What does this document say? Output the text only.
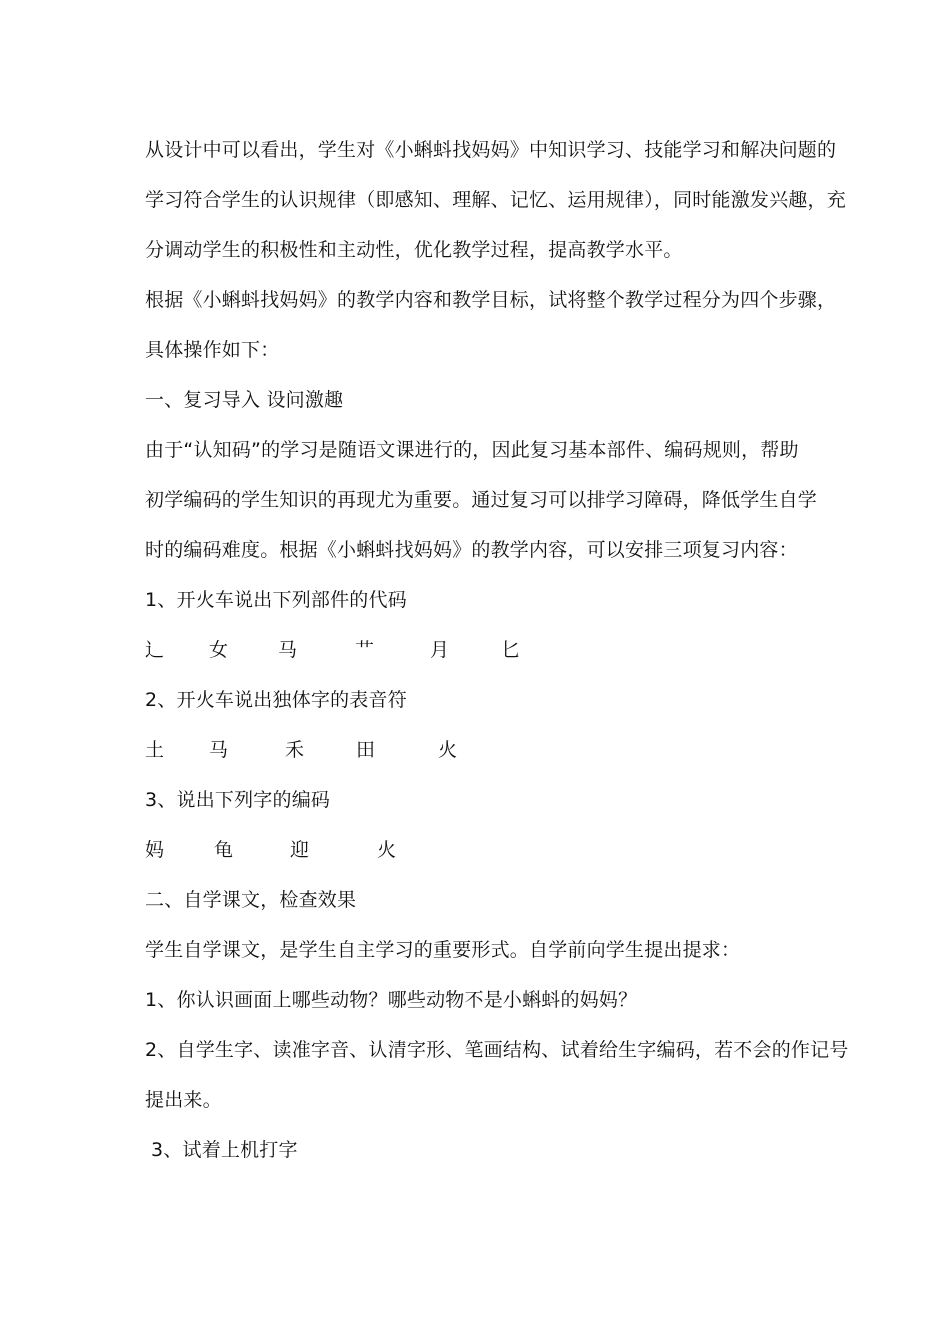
从设计中可以看出，学生对《小蝌蚪找妈妈》中知识学习、技能学习和解决问题的
学习符合学生的认识规律（即感知、理解、记忆、运用规律），同时能激发兴趣，充
分调动学生的积极性和主动性，优化教学过程，提高教学水平。
根据《小蝌蚪找妈妈》的教学内容和教学目标，试将整个教学过程分为四个步骤，
具体操作如下：
一、复习导入 设问激趣
由于“认知码”的学习是随语文课进行的，因此复习基本部件、编码规则，帮助
初学编码的学生知识的再现尤为重要。通过复习可以排学习障碍，降低学生自学
时的编码难度。根据《小蝌蚪找妈妈》的教学内容，可以安排三项复习内容：
1、开火车说出下列部件的代码
辶 女	马	艹	月	匕
2、开火车说出独体字的表音符
土 马	禾	田	火
3、说出下列字的编码
妈	龟	迎	火
二、自学课文，检查效果
学生自学课文，是学生自主学习的重要形式。自学前向学生提出提求：
1、你认识画面上哪些动物？哪些动物不是小蝌蚪的妈妈？
2、自学生字、读准字音、认清字形、笔画结构、试着给生字编码，若不会的作记号
提出来。
3、试着上机打字
